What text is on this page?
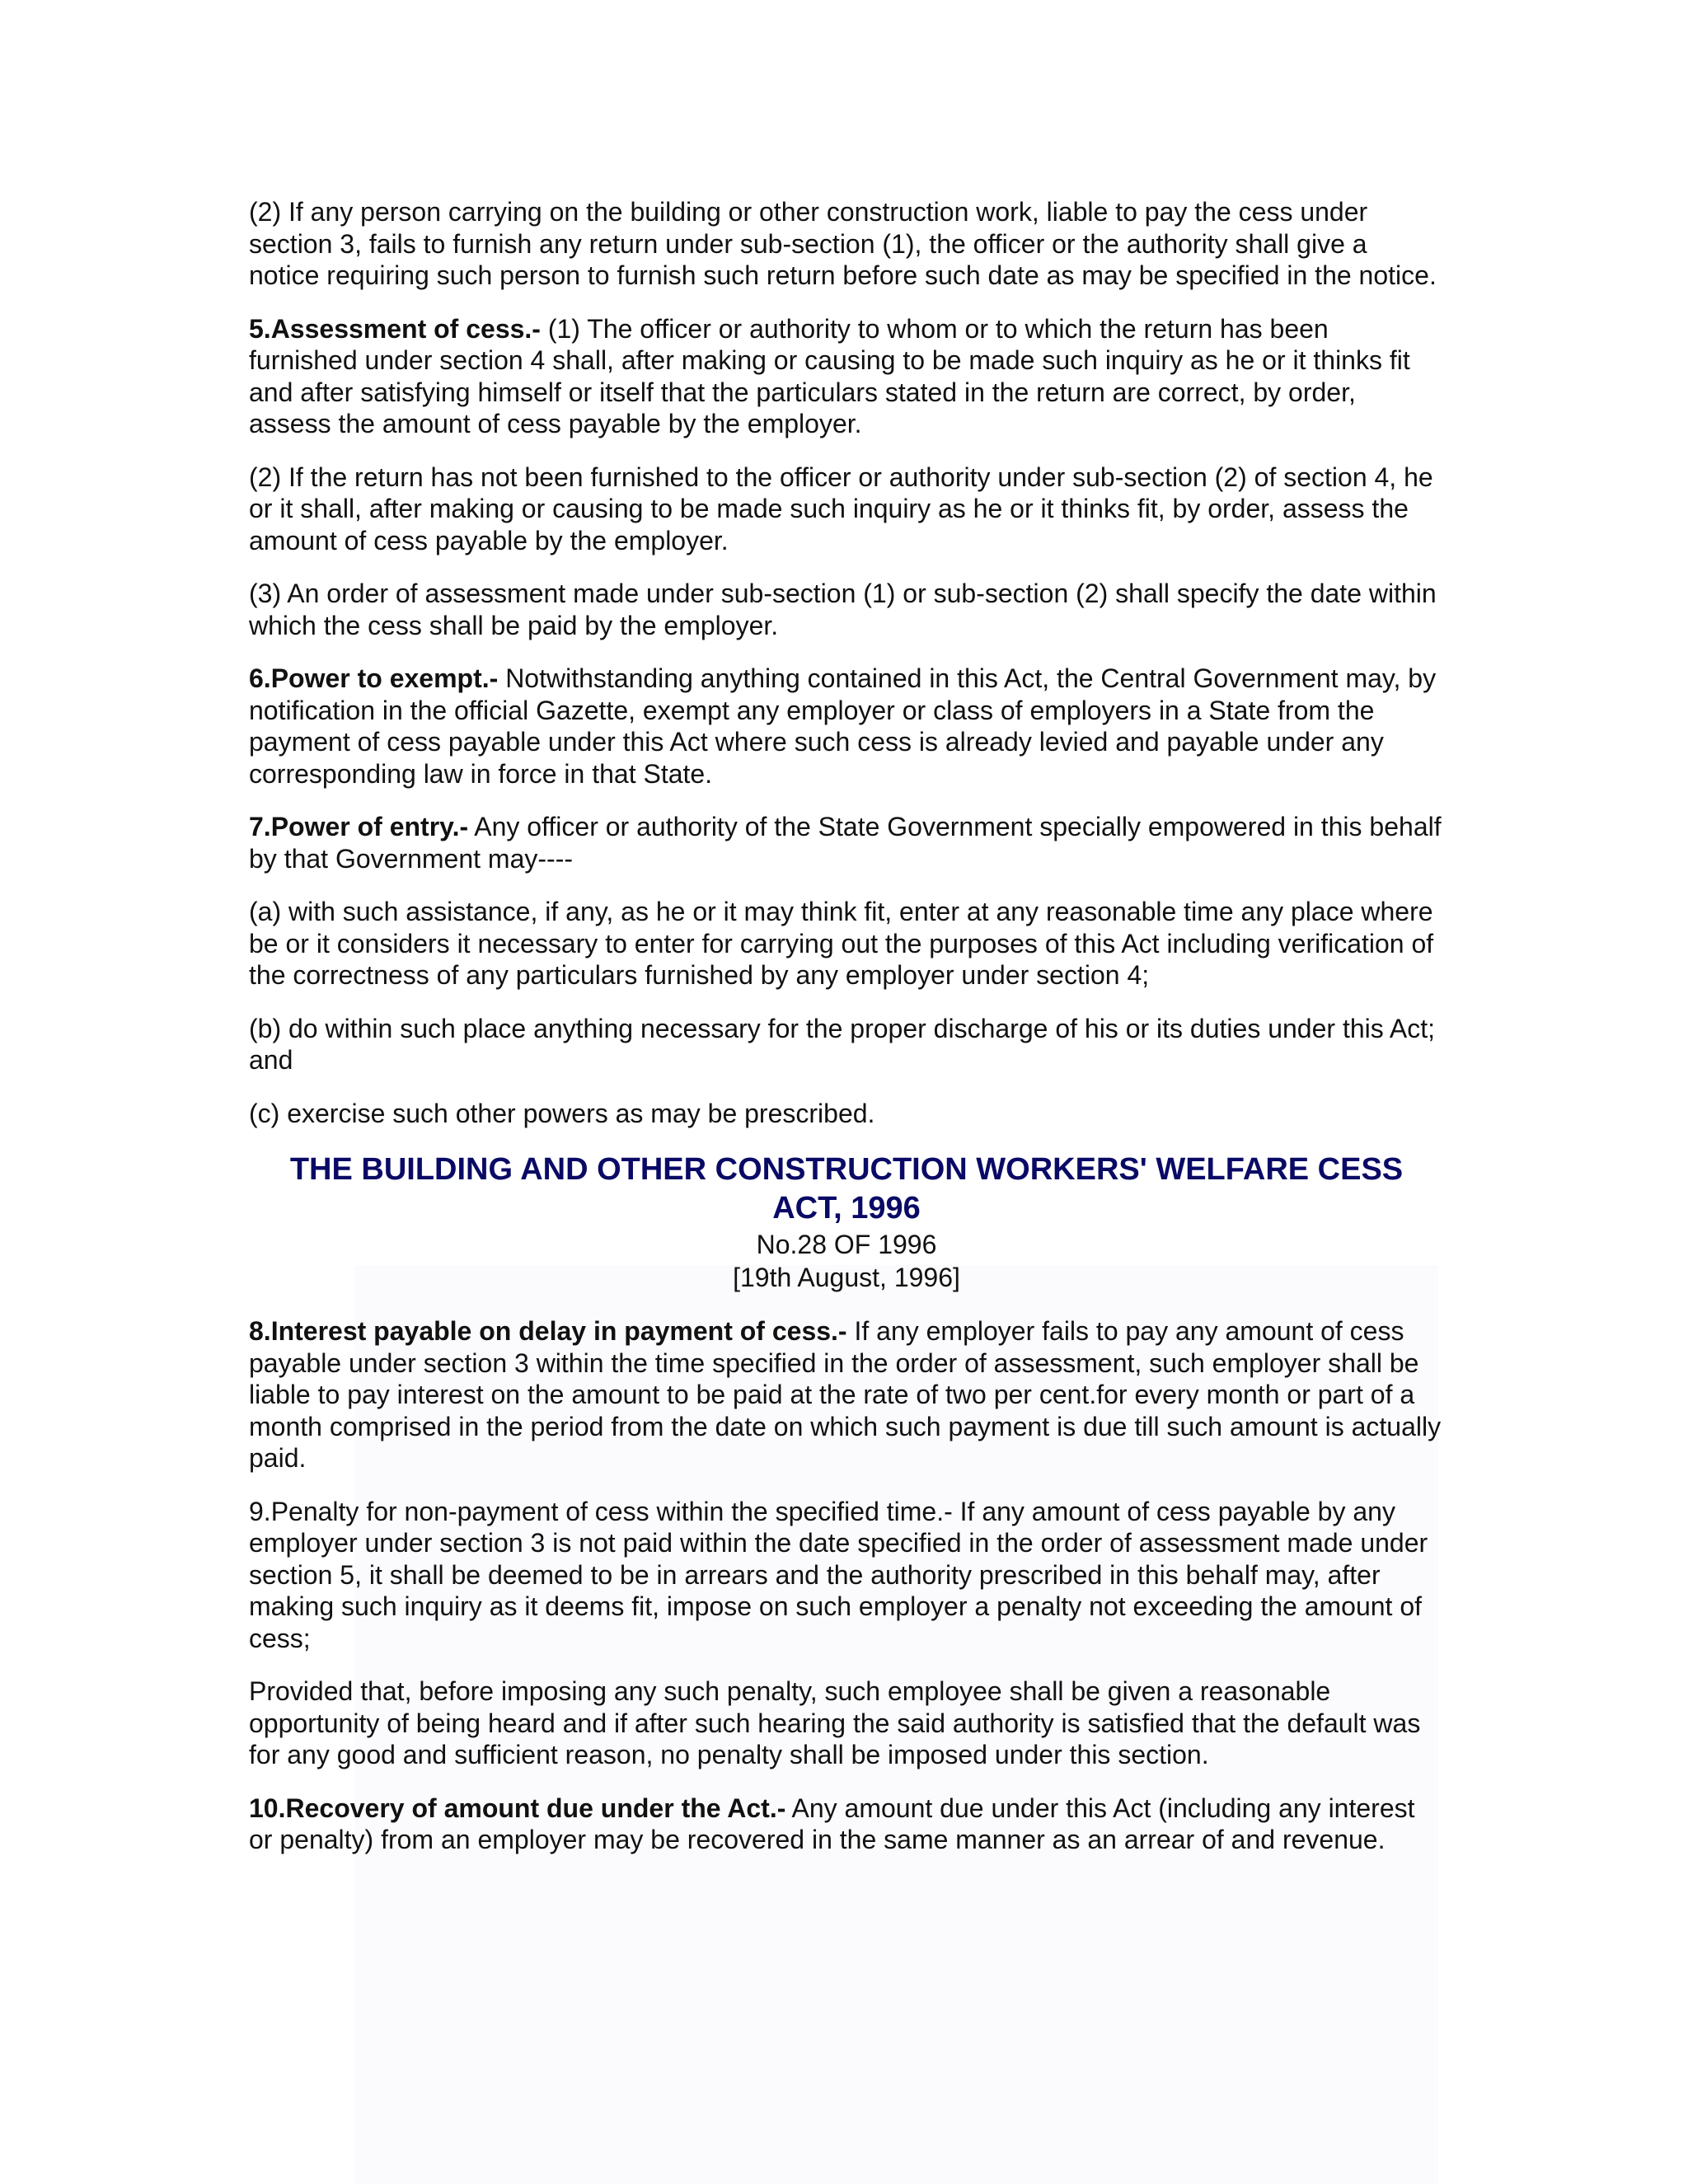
(2) If any person carrying on the building or other construction work, liable to pay the cess under section 3, fails to furnish any return under sub-section (1), the officer or the authority shall give a notice requiring such person to furnish such return before such date as may be specified in the notice.

5.Assessment of cess.- (1) The officer or authority to whom or to which the return has been furnished under section 4 shall, after making or causing to be made such inquiry as he or it thinks fit and after satisfying himself or itself that the particulars stated in the return are correct, by order, assess the amount of cess payable by the employer.

(2) If the return has not been furnished to the officer or authority under sub-section (2) of section 4, he or it shall, after making or causing to be made such inquiry as he or it thinks fit, by order, assess the amount of cess payable by the employer.

(3) An order of assessment made under sub-section (1) or sub-section (2) shall specify the date within which the cess shall be paid by the employer.

6.Power to exempt.- Notwithstanding anything contained in this Act, the Central Government may, by notification in the official Gazette, exempt any employer or class of employers in a State from the payment of cess payable under this Act where such cess is already levied and payable under any corresponding law in force in that State.

7.Power of entry.- Any officer or authority of the State Government specially empowered in this behalf by that Government may----

(a) with such assistance, if any, as he or it may think fit, enter at any reasonable time any place where be or it considers it necessary to enter for carrying out the purposes of this Act including verification of the correctness of any particulars furnished by any employer under section 4;

(b) do within such place anything necessary for the proper discharge of his or its duties under this Act; and

(c) exercise such other powers as may be prescribed.

THE BUILDING AND OTHER CONSTRUCTION WORKERS' WELFARE CESS

ACT, 1996

No.28 OF 1996

[19th August, 1996]

8.Interest payable on delay in payment of cess.- If any employer fails to pay any amount of cess payable under section 3 within the time specified in the order of assessment, such employer shall be liable to pay interest on the amount to be paid at the rate of two per cent.for every month or part of a month comprised in the period from the date on which such payment is due till such amount is actually paid.

9.Penalty for non-payment of cess within the specified time.- If any amount of cess payable by any employer under section 3 is not paid within the date specified in the order of assessment made under section 5, it shall be deemed to be in arrears and the authority prescribed in this behalf may, after making such inquiry as it deems fit, impose on such employer a penalty not exceeding the amount of cess;

Provided that, before imposing any such penalty, such employee shall be given a reasonable opportunity of being heard and if after such hearing the said authority is satisfied that the default was for any good and sufficient reason, no penalty shall be imposed under this section.

10.Recovery of amount due under the Act.- Any amount due under this Act (including any interest or penalty) from an employer may be recovered in the same manner as an arrear of and revenue.
